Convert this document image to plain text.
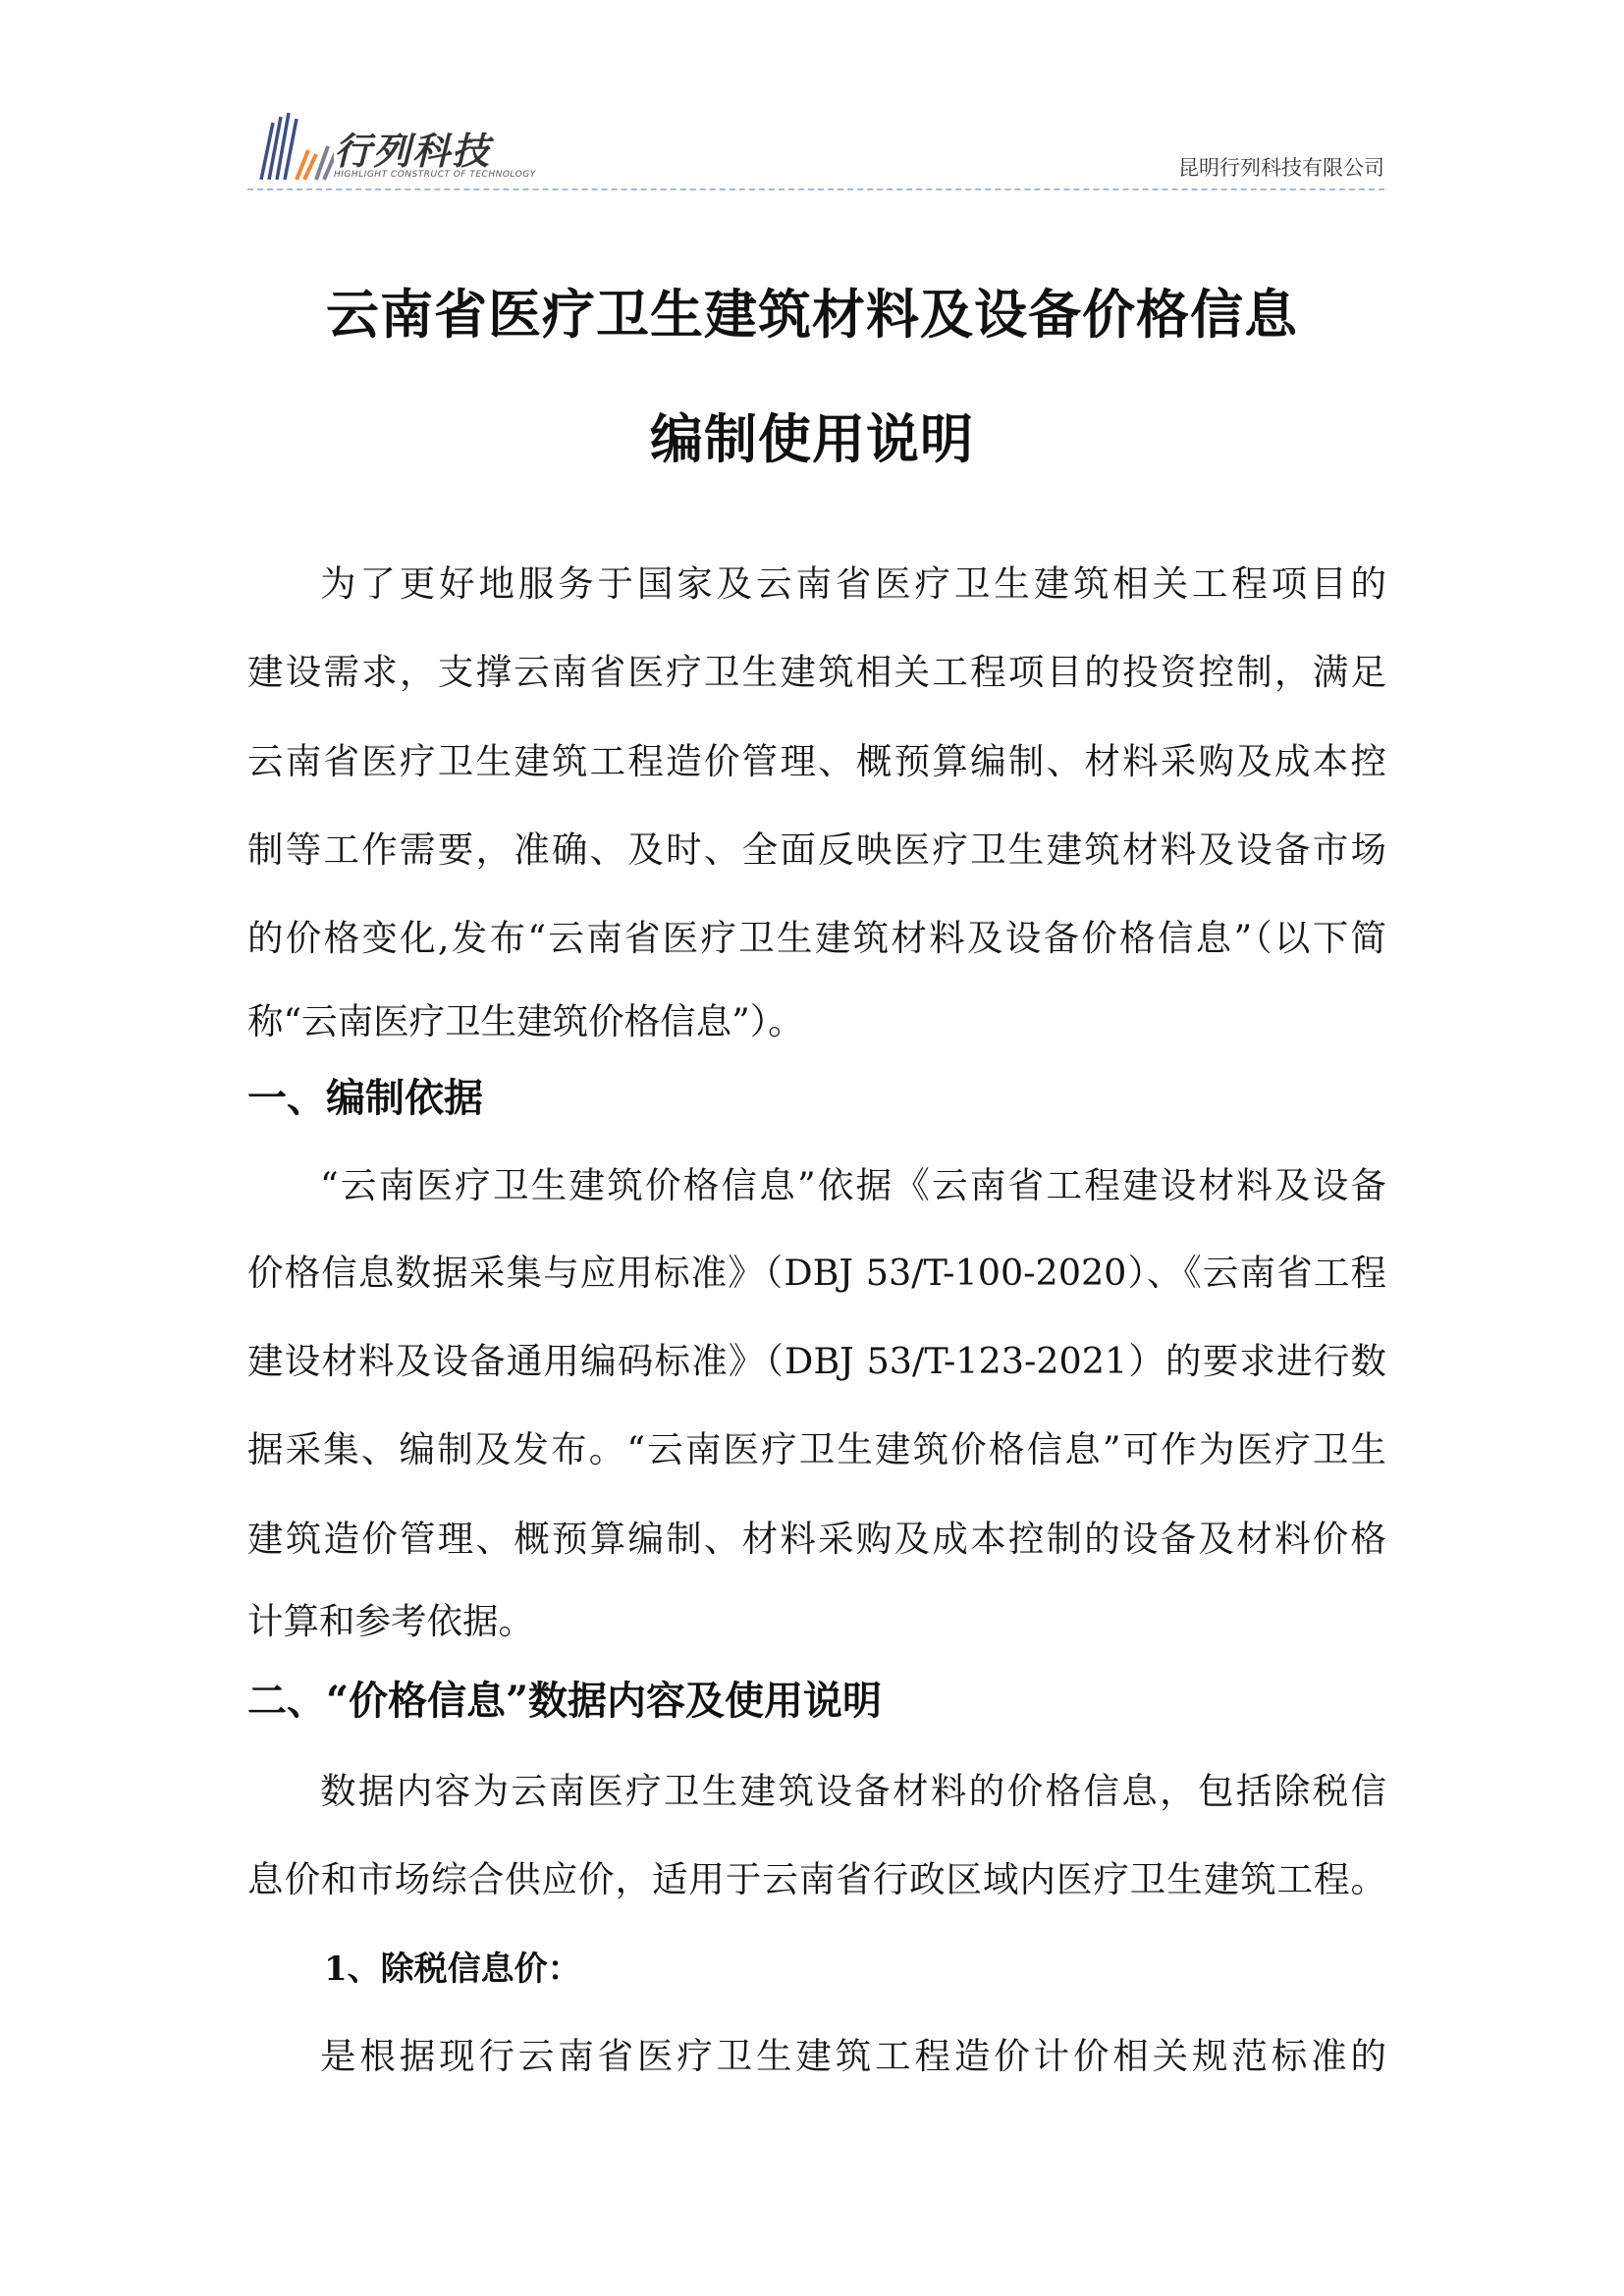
行列科技
HIGHLIGHT CONSTRUCT OF TECHNOLOGY	昆明行列科技有限公司
云南省医疗卫生建筑材料及设备价格信息
编制使用说明
为了更好地服务于国家及云南省医疗卫生建筑相关工程项目的
建设需求，支撑云南省医疗卫生建筑相关工程项目的投资控制，满足
云南省医疗卫生建筑工程造价管理、概预算编制、材料采购及成本控
制等工作需要，准确、及时、全面反映医疗卫生建筑材料及设备市场
的价格变化,发布“云南省医疗卫生建筑材料及设备价格信息”（以下简
称“云南医疗卫生建筑价格信息”）。
一、编制依据
“云南医疗卫生建筑价格信息”依据《云南省工程建设材料及设备
价格信息数据采集与应用标准》（DBJ 53/T-100-2020）、《云南省工程
建设材料及设备通用编码标准》（DBJ 53/T-123-2021）的要求进行数
据采集、编制及发布。“云南医疗卫生建筑价格信息”可作为医疗卫生
建筑造价管理、概预算编制、材料采购及成本控制的设备及材料价格
计算和参考依据。
二、“价格信息”数据内容及使用说明
数据内容为云南医疗卫生建筑设备材料的价格信息，包括除税信
息价和市场综合供应价，适用于云南省行政区域内医疗卫生建筑工程。
1、除税信息价：
是根据现行云南省医疗卫生建筑工程造价计价相关规范标准的
